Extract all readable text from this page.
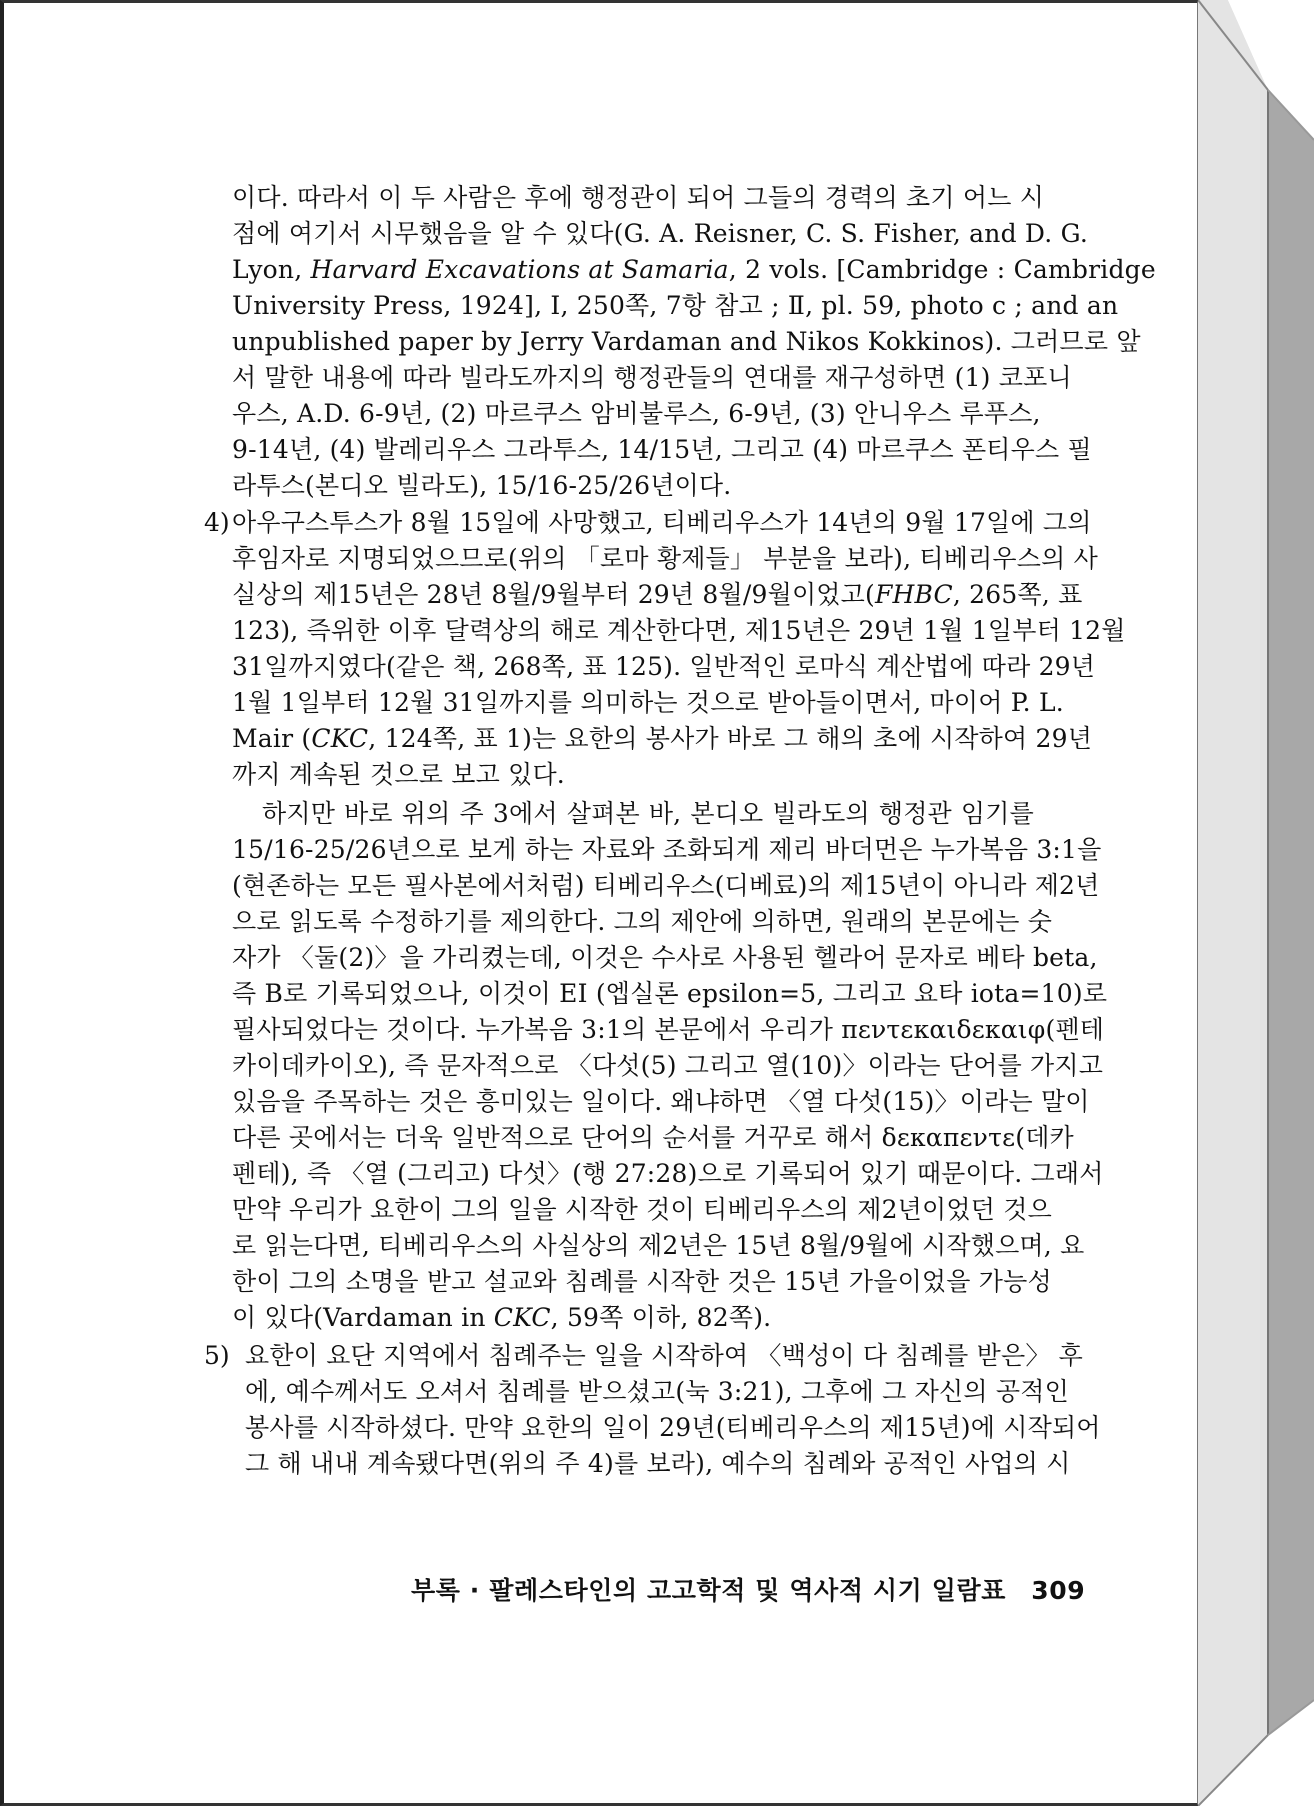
이다. 따라서 이 두 사람은 후에 행정관이 되어 그들의 경력의 초기 어느 시
점에 여기서 시무했음을 알 수 있다(G. A. Reisner, C. S. Fisher, and D. G.
Lyon, Harvard Excavations at Samaria, 2 vols. [Cambridge : Cambridge
University Press, 1924], Ⅰ, 250쪽, 7항 참고 ; Ⅱ, pl. 59, photo c ; and an
unpublished paper by Jerry Vardaman and Nikos Kokkinos). 그러므로 앞
서 말한 내용에 따라 빌라도까지의 행정관들의 연대를 재구성하면 (1) 코포니
우스, A.D. 6-9년, (2) 마르쿠스 암비불루스, 6-9년, (3) 안니우스 루푸스,
9-14년, (4) 발레리우스 그라투스, 14/15년, 그리고 (4) 마르쿠스 폰티우스 필
라투스(본디오 빌라도), 15/16-25/26년이다.
4) 아우구스투스가 8월 15일에 사망했고, 티베리우스가 14년의 9월 17일에 그의
후임자로 지명되었으므로(위의 「로마 황제들」 부분을 보라), 티베리우스의 사
실상의 제15년은 28년 8월/9월부터 29년 8월/9월이었고(FHBC, 265쪽, 표
123), 즉위한 이후 달력상의 해로 계산한다면, 제15년은 29년 1월 1일부터 12월
31일까지였다(같은 책, 268쪽, 표 125). 일반적인 로마식 계산법에 따라 29년
1월 1일부터 12월 31일까지를 의미하는 것으로 받아들이면서, 마이어 P. L.
Mair (CKC, 124쪽, 표 1)는 요한의 봉사가 바로 그 해의 초에 시작하여 29년
까지 계속된 것으로 보고 있다.
하지만 바로 위의 주 3에서 살펴본 바, 본디오 빌라도의 행정관 임기를
15/16-25/26년으로 보게 하는 자료와 조화되게 제리 바더먼은 누가복음 3:1을
(현존하는 모든 필사본에서처럼) 티베리우스(디베료)의 제15년이 아니라 제2년
으로 읽도록 수정하기를 제의한다. 그의 제안에 의하면, 원래의 본문에는 숫
자가 〈둘(2)〉을 가리켰는데, 이것은 수사로 사용된 헬라어 문자로 베타 beta,
즉 B로 기록되었으나, 이것이 EI (엡실론 epsilon=5, 그리고 요타 iota=10)로
필사되었다는 것이다. 누가복음 3:1의 본문에서 우리가 πεντεκαιδεκαιφ(펜테
카이데카이오), 즉 문자적으로 〈다섯(5) 그리고 열(10)〉이라는 단어를 가지고
있음을 주목하는 것은 흥미있는 일이다. 왜냐하면 〈열 다섯(15)〉이라는 말이
다른 곳에서는 더욱 일반적으로 단어의 순서를 거꾸로 해서 δεκαπεντε(데카
펜테), 즉 〈열 (그리고) 다섯〉(행 27:28)으로 기록되어 있기 때문이다. 그래서
만약 우리가 요한이 그의 일을 시작한 것이 티베리우스의 제2년이었던 것으
로 읽는다면, 티베리우스의 사실상의 제2년은 15년 8월/9월에 시작했으며, 요
한이 그의 소명을 받고 설교와 침례를 시작한 것은 15년 가을이었을 가능성
이 있다(Vardaman in CKC, 59쪽 이하, 82쪽).
5) 요한이 요단 지역에서 침례주는 일을 시작하여 〈백성이 다 침례를 받은〉 후
에, 예수께서도 오셔서 침례를 받으셨고(눅 3:21), 그후에 그 자신의 공적인
봉사를 시작하셨다. 만약 요한의 일이 29년(티베리우스의 제15년)에 시작되어
그 해 내내 계속됐다면(위의 주 4)를 보라), 예수의 침례와 공적인 사업의 시
부록 · 팔레스타인의 고고학적 및 역사적 시기 일람표 309
